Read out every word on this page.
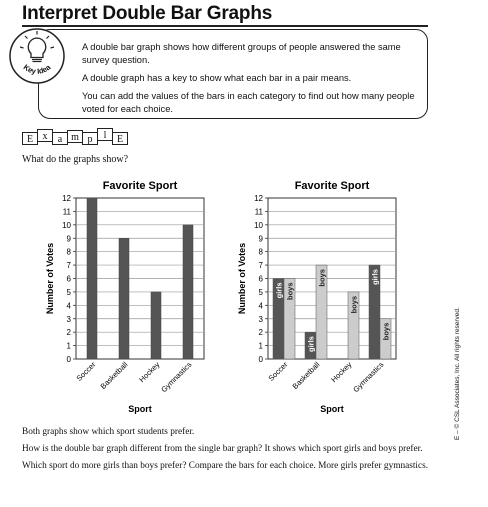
Interpret Double Bar Graphs
Key Idea

A double bar graph shows how different groups of people answered the same survey question.

A double graph has a key to show what each bar in a pair means.

You can add the values of the bars in each category to find out how many people voted for each choice.

E x	a m p	l	E

What do the graphs show?

Favorite Sport
0
1
2
3
4
5
6
7
8
9
10
11
12
Soccer Basketball Hockey
Gymnastics
Sport
Number of Votes
Favorite Sport
0
1
2
3
4
5
6
7
8
9
10
11
12
girls boys
Soccer
girls
boys
Basketball
boys
Hockey
girls
boys
Gymnastics
Sport
Number of Votes

Both graphs show which sport students prefer.

How is the double bar graph different from the single bar graph? It shows which sport girls and boys prefer.

Which sport do more girls than boys prefer? Compare the bars for each choice. More girls prefer gymnastics.

E – © CSL Associates, Inc. All rights reserved.
